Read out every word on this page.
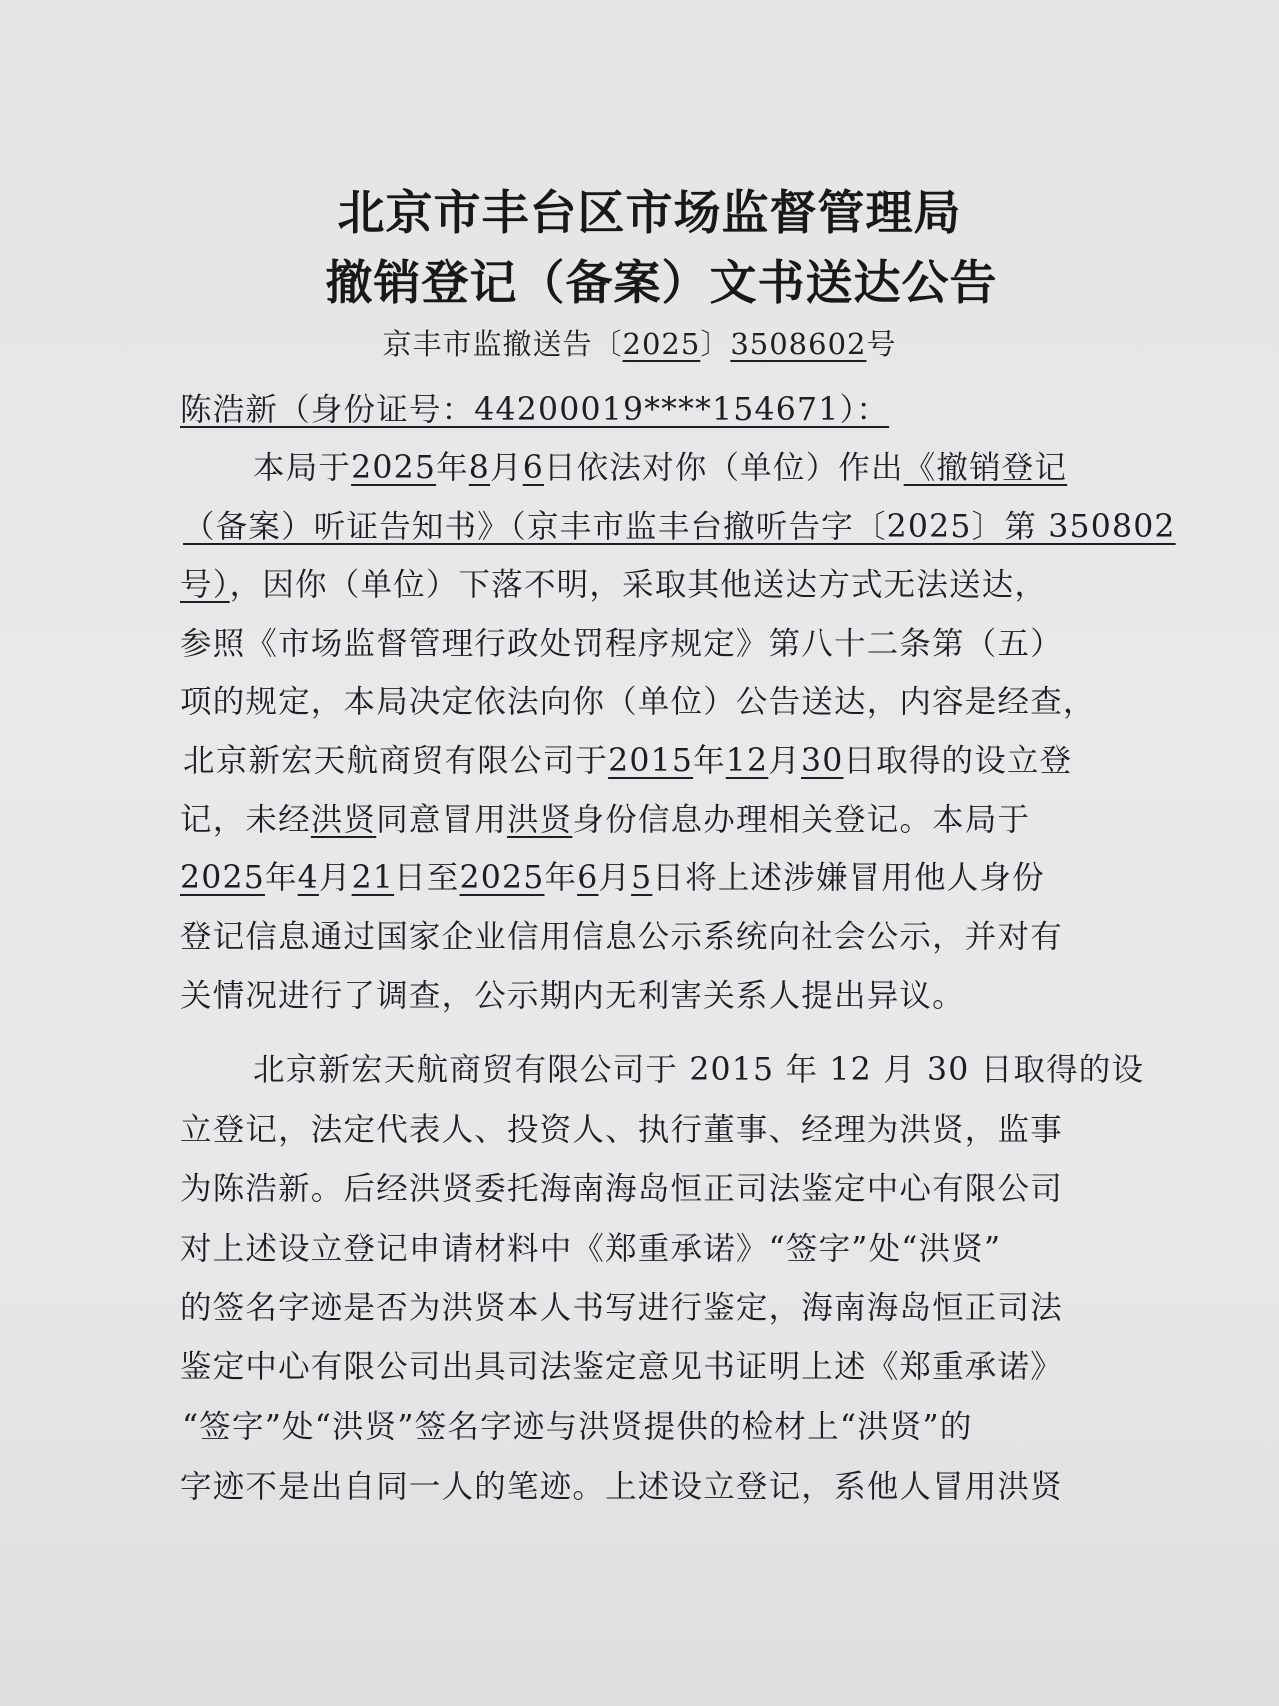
北京市丰台区市场监督管理局
撤销登记（备案）文书送达公告
京丰市监撤送告〔2025〕3508602号
陈浩新（身份证号：44200019****154671）：
本局于2025年8月6日依法对你（单位）作出《撤销登记
（备案）听证告知书》（京丰市监丰台撤听告字〔2025〕第 350802
号），因你（单位）下落不明，采取其他送达方式无法送达，
参照《市场监督管理行政处罚程序规定》第八十二条第（五）
项的规定，本局决定依法向你（单位）公告送达，内容是经查，
北京新宏天航商贸有限公司于2015年12月30日取得的设立登
记，未经洪贤同意冒用洪贤身份信息办理相关登记。本局于
2025年4月21日至2025年6月5日将上述涉嫌冒用他人身份
登记信息通过国家企业信用信息公示系统向社会公示，并对有
关情况进行了调查，公示期内无利害关系人提出异议。
北京新宏天航商贸有限公司于 2015 年 12 月 30 日取得的设
立登记，法定代表人、投资人、执行董事、经理为洪贤，监事
为陈浩新。后经洪贤委托海南海岛恒正司法鉴定中心有限公司
对上述设立登记申请材料中《郑重承诺》“签字”处“洪贤”
的签名字迹是否为洪贤本人书写进行鉴定，海南海岛恒正司法
鉴定中心有限公司出具司法鉴定意见书证明上述《郑重承诺》
“签字”处“洪贤”签名字迹与洪贤提供的检材上“洪贤”的
字迹不是出自同一人的笔迹。上述设立登记，系他人冒用洪贤
